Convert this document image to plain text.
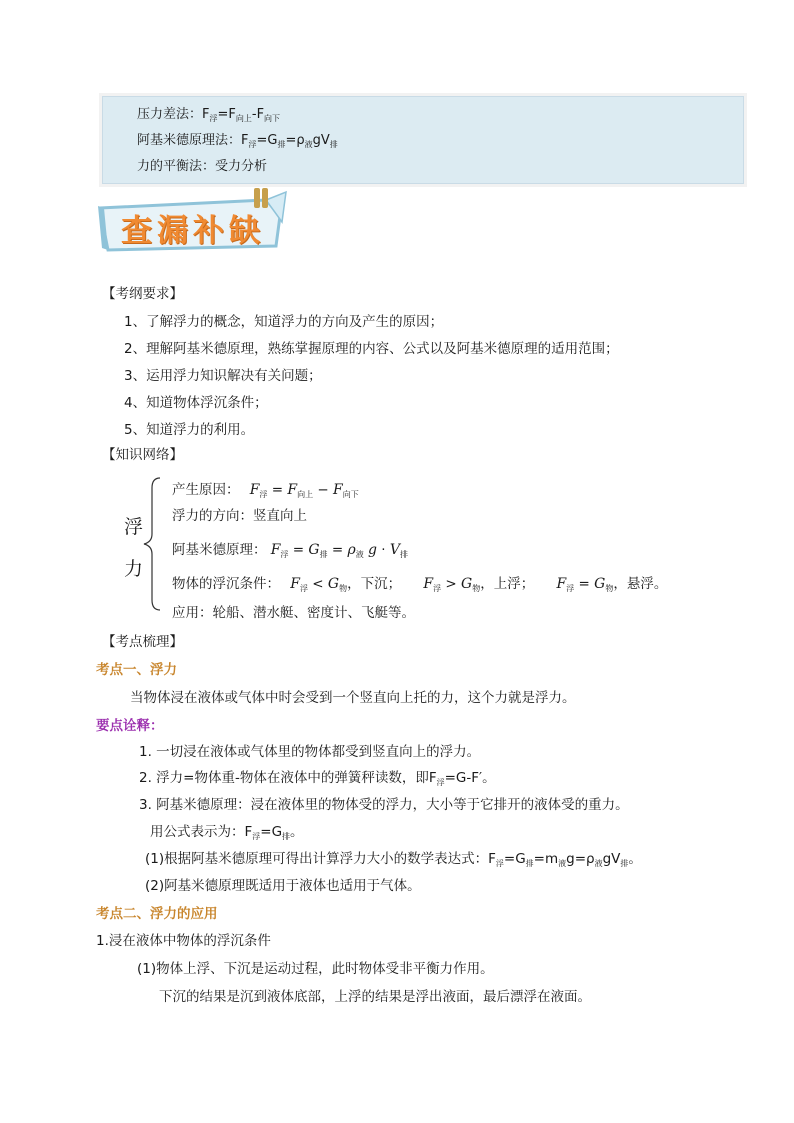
压力差法：$F_浮=F_{向上}-F_{向下}$
阿基米德原理法：$F_浮=G_排=\rho_液gV_排$
力的平衡法：受力分析
查漏补缺
【考纲要求】
1、了解浮力的概念，知道浮力的方向及产生的原因；
2、理解阿基米德原理，熟练掌握原理的内容、公式以及阿基米德原理的适用范围；
3、运用浮力知识解决有关问题；
4、知道物体浮沉条件；
5、知道浮力的利用。
【知识网络】
浮
力
产生原因： $F_浮 = F_{向上} - F_{向下}$
浮力的方向：竖直向上
阿基米德原理： $F_浮 = G_排 = \rho_液$ $g \cdot V_排$
物体的浮沉条件： $F_浮 < G_物$，下沉； $F_浮 > G_物$，上浮； $F_浮 = G_物$，悬浮。
应用：轮船、潜水艇、密度计、飞艇等。
【考点梳理】
考点一、浮力
当物体浸在液体或气体中时会受到一个竖直向上托的力，这个力就是浮力。
要点诠释：
1. 一切浸在液体或气体里的物体都受到竖直向上的浮力。
2. 浮力=物体重-物体在液体中的弹簧秤读数，即$F_浮=G-F'$。
3. 阿基米德原理：浸在液体里的物体受的浮力，大小等于它排开的液体受的重力。
用公式表示为：$F_浮=G_排$。
(1)根据阿基米德原理可得出计算浮力大小的数学表达式：$F_浮=G_排=m_液g=\rho_液gV_排$。
(2)阿基米德原理既适用于液体也适用于气体。
考点二、浮力的应用
1.浸在液体中物体的浮沉条件
(1)物体上浮、下沉是运动过程，此时物体受非平衡力作用。
下沉的结果是沉到液体底部，上浮的结果是浮出液面，最后漂浮在液面。
